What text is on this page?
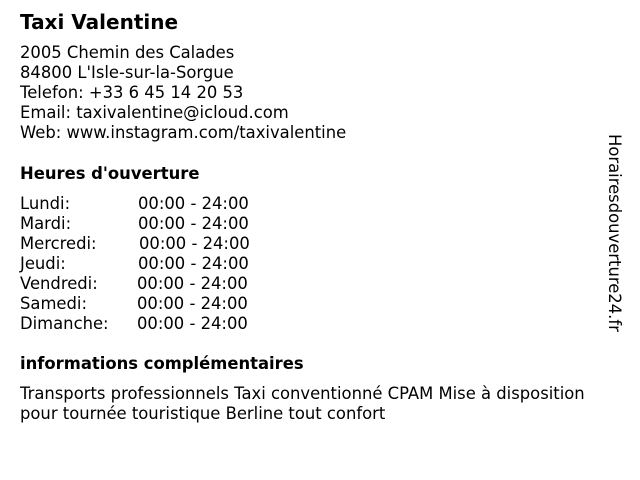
Taxi Valentine
2005 Chemin des Calades
84800 L'Isle-sur-la-Sorgue
Telefon: +33 6 45 14 20 53
Email: taxivalentine@icloud.com
Web: www.instagram.com/taxivalentine
Heures d'ouverture
Lundi:	00:00 - 24:00
Mardi:	00:00 - 24:00
Mercredi:	00:00 - 24:00
Jeudi:	00:00 - 24:00
Vendredi: 00:00 - 24:00
Samedi:	00:00 - 24:00
Dimanche: 00:00 - 24:00
informations complémentaires
Transports professionnels Taxi conventionné CPAM Mise à disposition pour tournée touristique Berline tout confort
Horairesdouverture24.fr
